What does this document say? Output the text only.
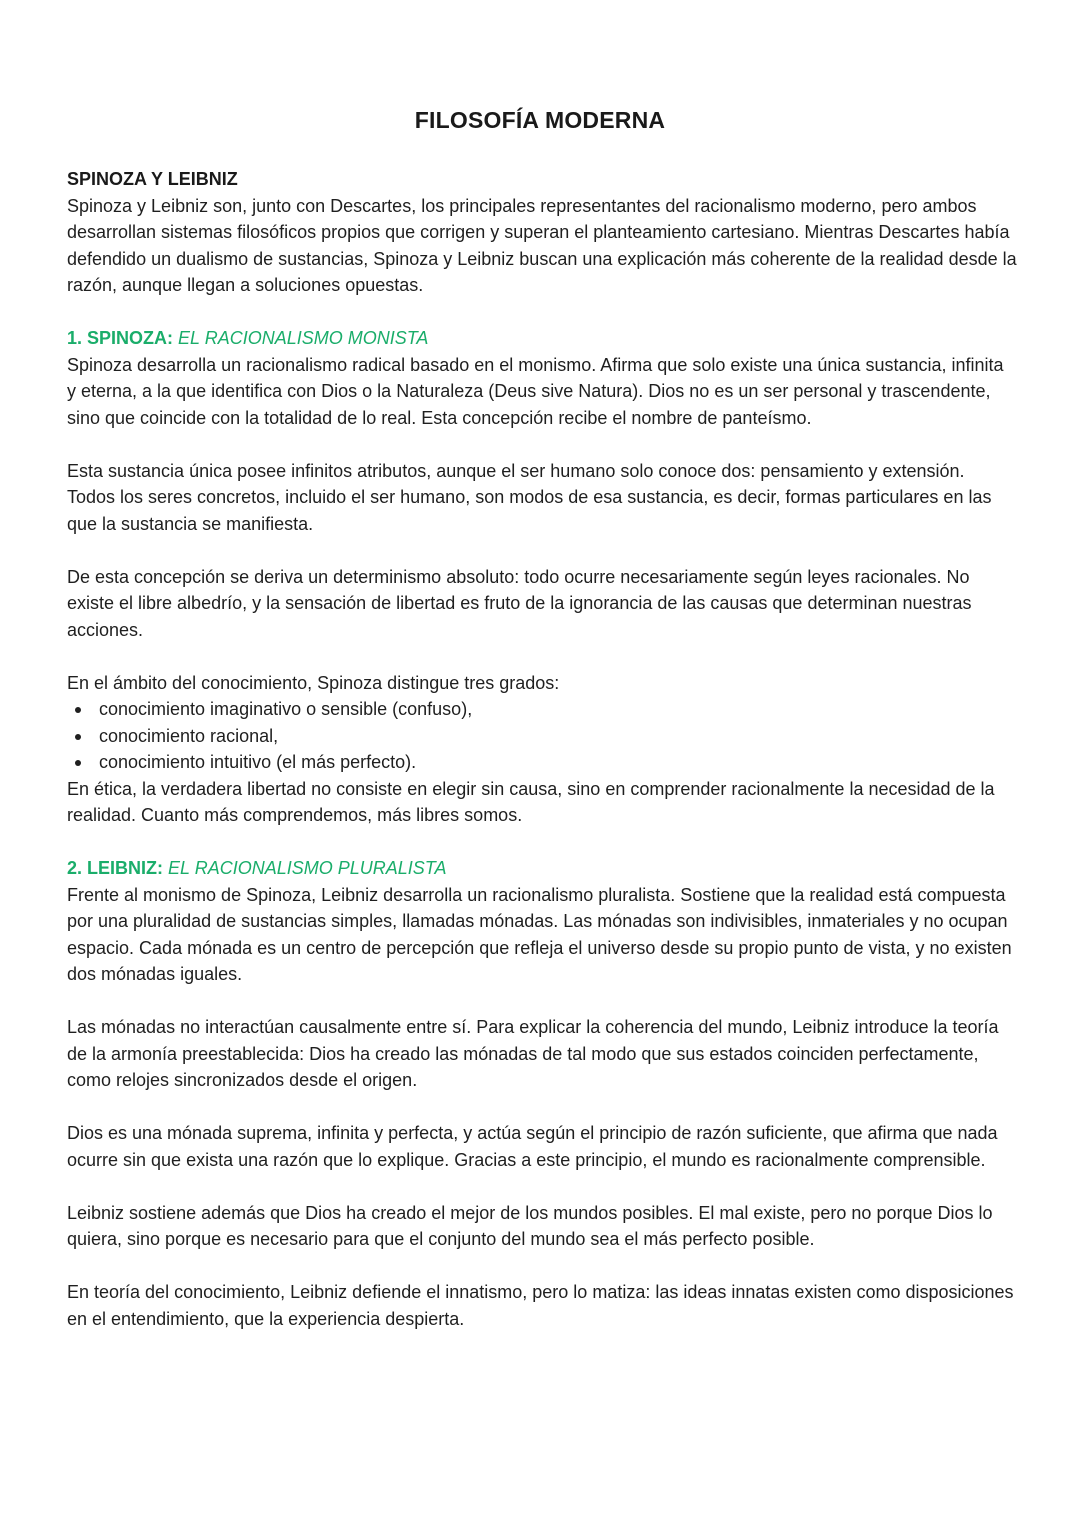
FILOSOFÍA MODERNA
SPINOZA Y LEIBNIZ

Spinoza y Leibniz son, junto con Descartes, los principales representantes del racionalismo moderno, pero ambos desarrollan sistemas filosóficos propios que corrigen y superan el planteamiento cartesiano. Mientras Descartes había defendido un dualismo de sustancias, Spinoza y Leibniz buscan una explicación más coherente de la realidad desde la razón, aunque llegan a soluciones opuestas.

1. SPINOZA: EL RACIONALISMO MONISTA

Spinoza desarrolla un racionalismo radical basado en el monismo. Afirma que solo existe una única sustancia, infinita y eterna, a la que identifica con Dios o la Naturaleza (Deus sive Natura). Dios no es un ser personal y trascendente, sino que coincide con la totalidad de lo real. Esta concepción recibe el nombre de panteísmo.

Esta sustancia única posee infinitos atributos, aunque el ser humano solo conoce dos: pensamiento y extensión. Todos los seres concretos, incluido el ser humano, son modos de esa sustancia, es decir, formas particulares en las que la sustancia se manifiesta.

De esta concepción se deriva un determinismo absoluto: todo ocurre necesariamente según leyes racionales. No existe el libre albedrío, y la sensación de libertad es fruto de la ignorancia de las causas que determinan nuestras acciones.

En el ámbito del conocimiento, Spinoza distingue tres grados:

conocimiento imaginativo o sensible (confuso),
conocimiento racional,
conocimiento intuitivo (el más perfecto).

En ética, la verdadera libertad no consiste en elegir sin causa, sino en comprender racionalmente la necesidad de la realidad. Cuanto más comprendemos, más libres somos.

2. LEIBNIZ: EL RACIONALISMO PLURALISTA

Frente al monismo de Spinoza, Leibniz desarrolla un racionalismo pluralista. Sostiene que la realidad está compuesta por una pluralidad de sustancias simples, llamadas mónadas. Las mónadas son indivisibles, inmateriales y no ocupan espacio. Cada mónada es un centro de percepción que refleja el universo desde su propio punto de vista, y no existen dos mónadas iguales.

Las mónadas no interactúan causalmente entre sí. Para explicar la coherencia del mundo, Leibniz introduce la teoría de la armonía preestablecida: Dios ha creado las mónadas de tal modo que sus estados coinciden perfectamente, como relojes sincronizados desde el origen.

Dios es una mónada suprema, infinita y perfecta, y actúa según el principio de razón suficiente, que afirma que nada ocurre sin que exista una razón que lo explique. Gracias a este principio, el mundo es racionalmente comprensible.

Leibniz sostiene además que Dios ha creado el mejor de los mundos posibles. El mal existe, pero no porque Dios lo quiera, sino porque es necesario para que el conjunto del mundo sea el más perfecto posible.

En teoría del conocimiento, Leibniz defiende el innatismo, pero lo matiza: las ideas innatas existen como disposiciones en el entendimiento, que la experiencia despierta.
